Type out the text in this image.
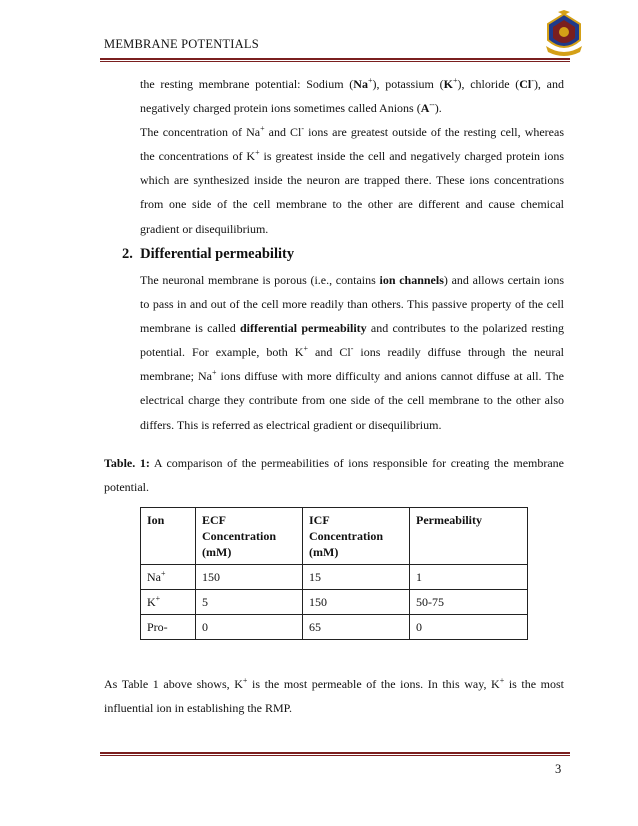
MEMBRANE POTENTIALS
the resting membrane potential: Sodium (Na+), potassium (K+), chloride (Cl-), and negatively charged protein ions sometimes called Anions (A--).
The concentration of Na+ and Cl- ions are greatest outside of the resting cell, whereas the concentrations of K+ is greatest inside the cell and negatively charged protein ions which are synthesized inside the neuron are trapped there. These ions concentrations from one side of the cell membrane to the other are different and cause chemical gradient or disequilibrium.
2. Differential permeability
The neuronal membrane is porous (i.e., contains ion channels) and allows certain ions to pass in and out of the cell more readily than others. This passive property of the cell membrane is called differential permeability and contributes to the polarized resting potential. For example, both K+ and Cl- ions readily diffuse through the neural membrane; Na+ ions diffuse with more difficulty and anions cannot diffuse at all. The electrical charge they contribute from one side of the cell membrane to the other also differs. This is referred as electrical gradient or disequilibrium.
Table. 1: A comparison of the permeabilities of ions responsible for creating the membrane potential.
Ion	ECF Concentration (mM)	ICF Concentration (mM)	Permeability
Na+	150	15	1
K+	5	150	50-75
Pro-	0	65	0
As Table 1 above shows, K+ is the most permeable of the ions. In this way, K+ is the most influential ion in establishing the RMP.
3
